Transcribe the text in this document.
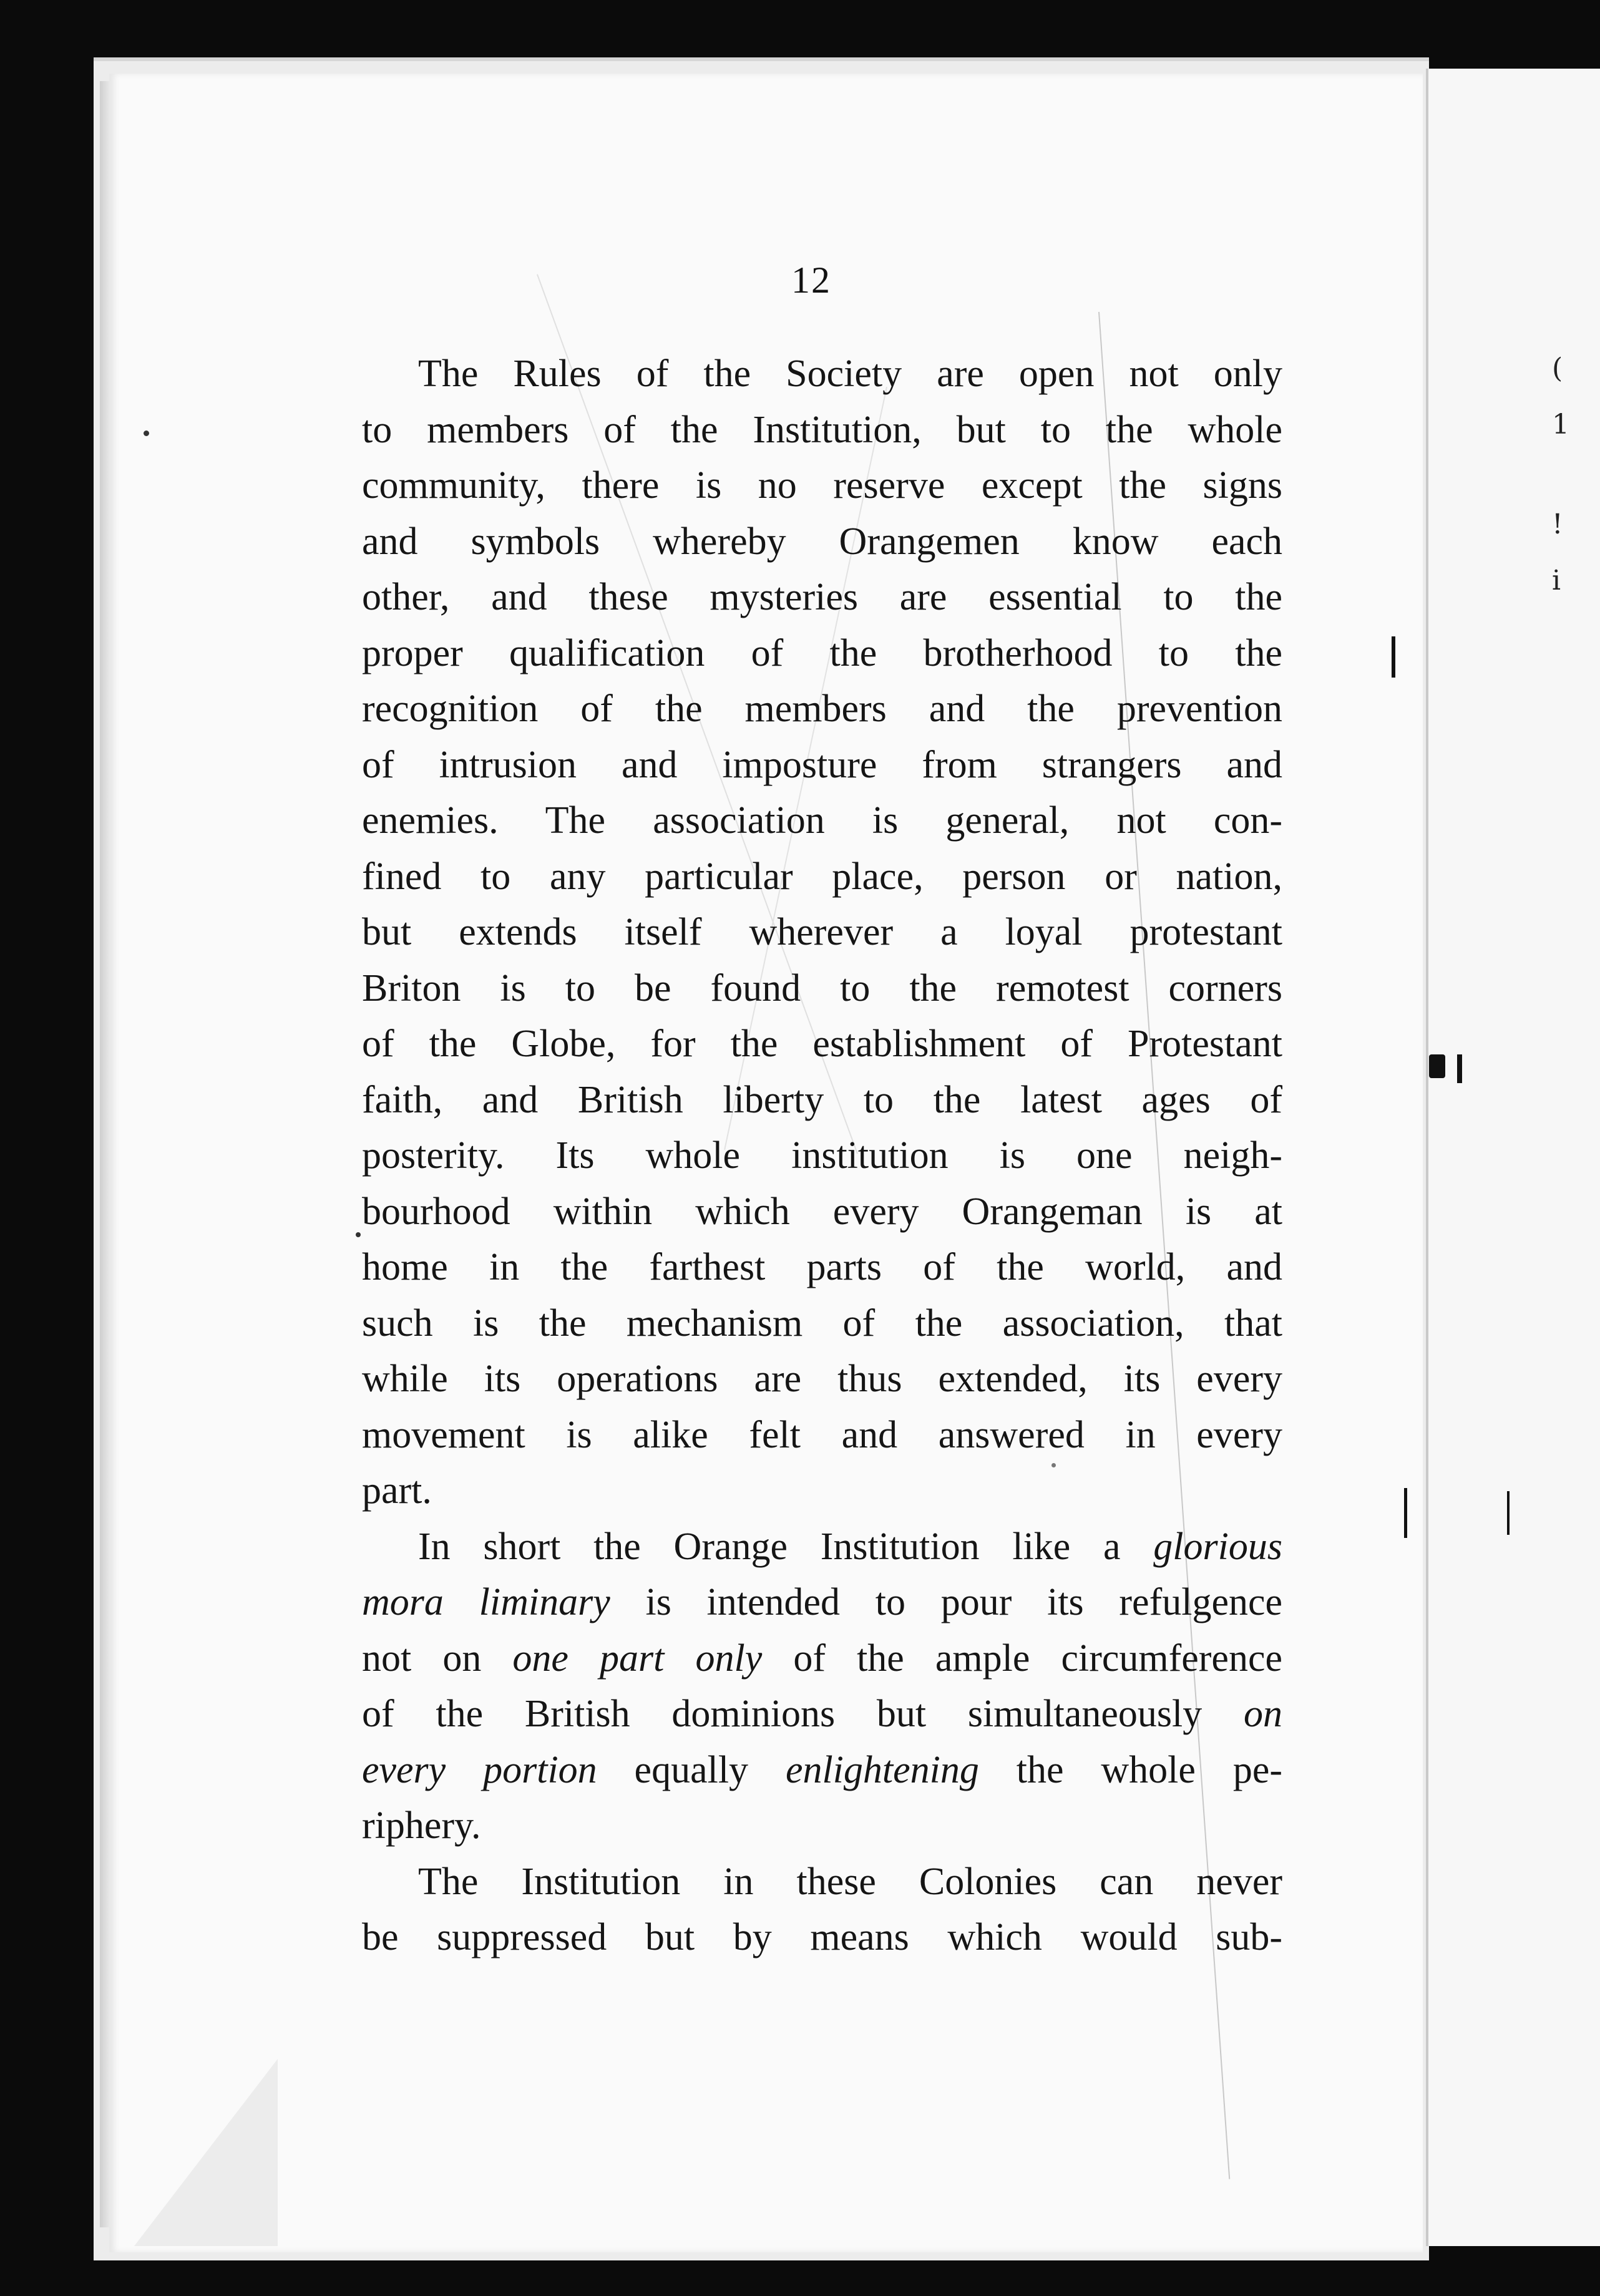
(
1
!
i
12
The Rules of the Society are open not only
to members of the Institution, but to the whole
community, there is no reserve except the signs
and symbols whereby Orangemen know each
other, and these mysteries are essential to the
proper qualification of the brotherhood to the
recognition of the members and the prevention
of intrusion and imposture from strangers and
enemies. The association is general, not con-
fined to any particular place, person or nation,
but extends itself wherever a loyal protestant
Briton is to be found to the remotest corners
of the Globe, for the establishment of Protestant
faith, and British liberty to the latest ages of
posterity. Its whole institution is one neigh-
bourhood within which every Orangeman is at
home in the farthest parts of the world, and
such is the mechanism of the association, that
while its operations are thus extended, its every
movement is alike felt and answered in every
part.
In short the Orange Institution like a glorious
mora liminary is intended to pour its refulgence
not on one part only of the ample circumference
of the British dominions but simultaneously on
every portion equally enlightening the whole pe-
riphery.
The Institution in these Colonies can never
be suppressed but by means which would sub-
